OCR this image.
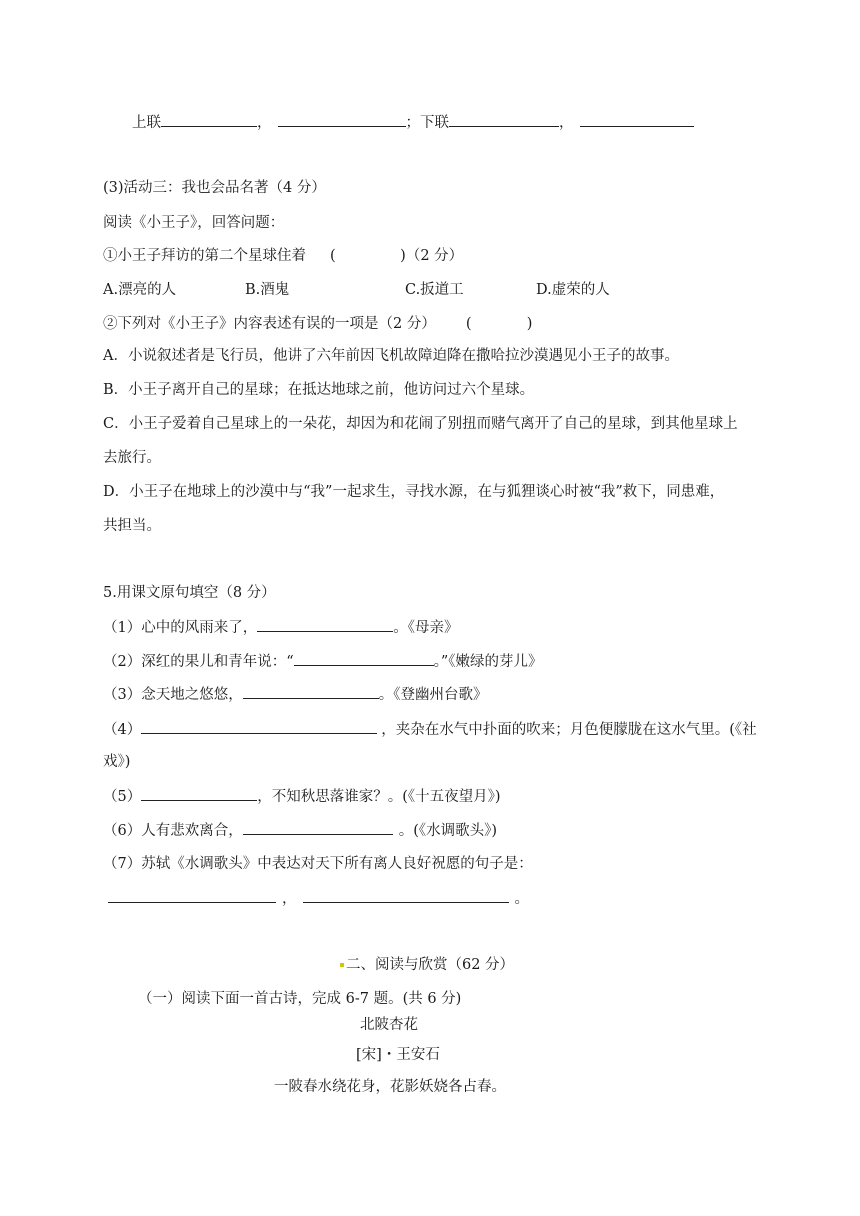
上联	，	；下联	，
(3)活动三：我也会品名著（4 分）
阅读《小王子》，回答问题：
①小王子拜访的第二个星球住着 (              )（2 分）
A.漂亮的人	B.酒鬼	C.扳道工	D.虚荣的人
②下列对《小王子》内容表述有误的一项是（2 分） (            )
A．小说叙述者是飞行员，他讲了六年前因飞机故障迫降在撒哈拉沙漠遇见小王子的故事。
B．小王子离开自己的星球；在抵达地球之前，他访问过六个星球。
C．小王子爱着自己星球上的一朵花，却因为和花闹了别扭而赌气离开了自己的星球，到其他星球上
去旅行。
D．小王子在地球上的沙漠中与“我”一起求生，寻找水源，在与狐狸谈心时被“我”救下，同患难，
共担当。
5.用课文原句填空（8 分）
（1）心中的风雨来了，	。《母亲》
（2）深红的果儿和青年说：“	。”《嫩绿的芽儿》
（3）念天地之悠悠，	。《登幽州台歌》
（4）	，夹杂在水气中扑面的吹来；月色便朦胧在这水气里。(《社
戏》)
（5）	，不知秋思落谁家？。(《十五夜望月》)
（6）人有悲欢离合，	。(《水调歌头》)
（7）苏轼《水调歌头》中表达对天下所有离人良好祝愿的句子是：
，	。
二、阅读与欣赏（62 分）
（一）阅读下面一首古诗，完成 6-7 题。(共 6 分)
北陂杏花
[宋]・王安石
一陂春水绕花身，花影妖娆各占春。
